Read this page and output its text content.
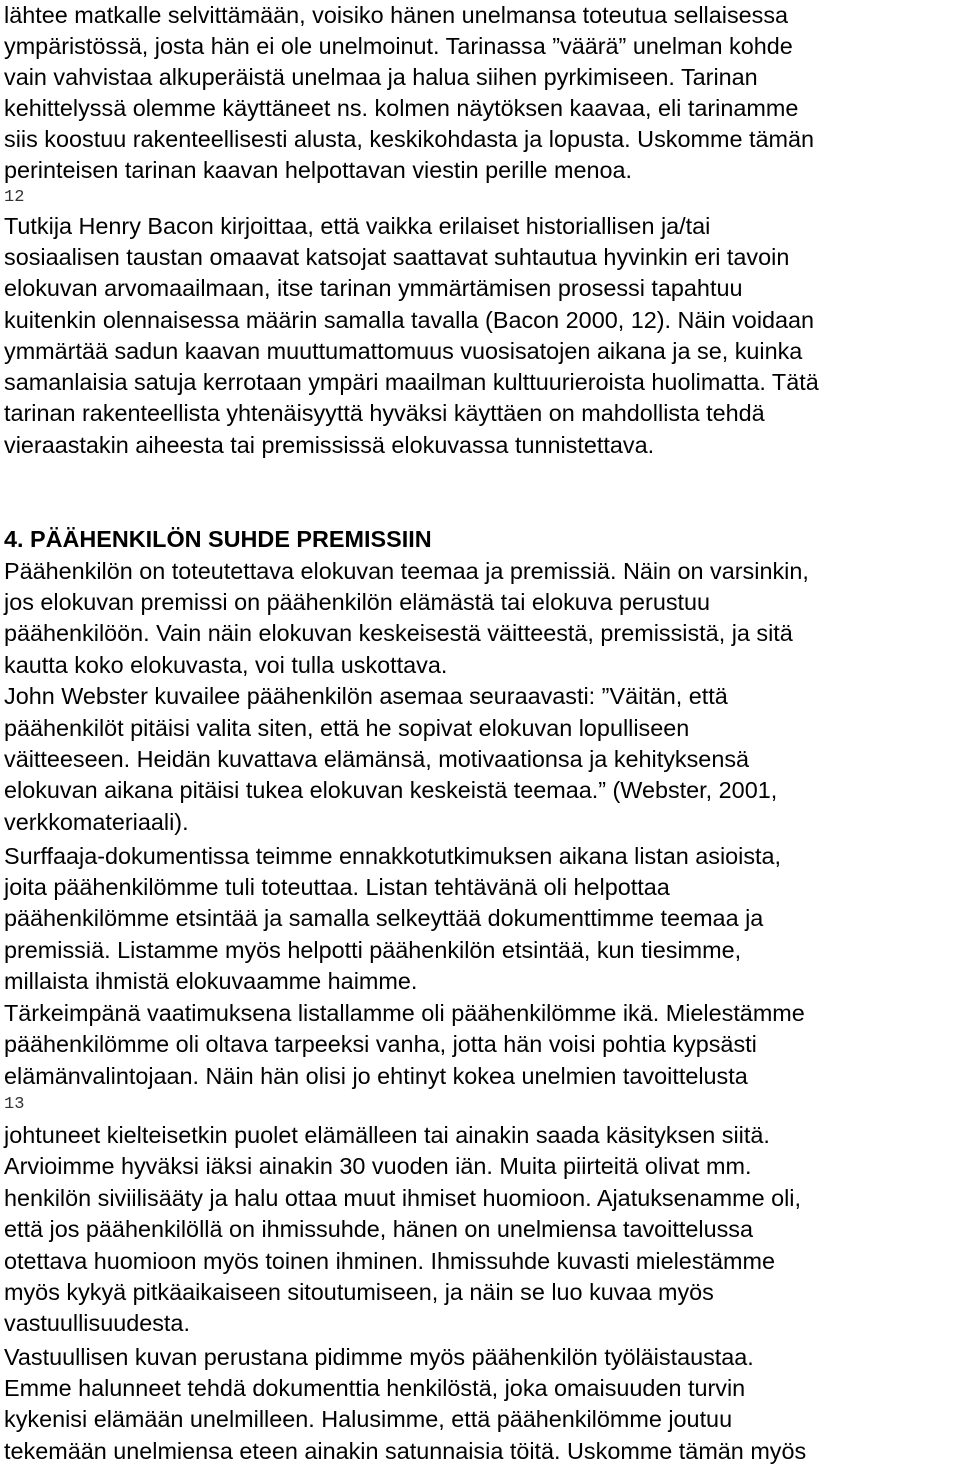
lähtee matkalle selvittämään, voisiko hänen unelmansa toteutua sellaisessa
ympäristössä, josta hän ei ole unelmoinut. Tarinassa ”väärä” unelman kohde
vain vahvistaa alkuperäistä unelmaa ja halua siihen pyrkimiseen. Tarinan
kehittelyssä olemme käyttäneet ns. kolmen näytöksen kaavaa, eli tarinamme
siis koostuu rakenteellisesti alusta, keskikohdasta ja lopusta. Uskomme tämän
perinteisen tarinan kaavan helpottavan viestin perille menoa.
12
Tutkija Henry Bacon kirjoittaa, että vaikka erilaiset historiallisen ja/tai
sosiaalisen taustan omaavat katsojat saattavat suhtautua hyvinkin eri tavoin
elokuvan arvomaailmaan, itse tarinan ymmärtämisen prosessi tapahtuu
kuitenkin olennaisessa määrin samalla tavalla (Bacon 2000, 12). Näin voidaan
ymmärtää sadun kaavan muuttumattomuus vuosisatojen aikana ja se, kuinka
samanlaisia satuja kerrotaan ympäri maailman kulttuurieroista huolimatta. Tätä
tarinan rakenteellista yhtenäisyyttä hyväksi käyttäen on mahdollista tehdä
vieraastakin aiheesta tai premississä elokuvassa tunnistettava.
4. PÄÄHENKILÖN SUHDE PREMISSIIN
Päähenkilön on toteutettava elokuvan teemaa ja premissiä. Näin on varsinkin,
jos elokuvan premissi on päähenkilön elämästä tai elokuva perustuu
päähenkilöön. Vain näin elokuvan keskeisestä väitteestä, premissistä, ja sitä
kautta koko elokuvasta, voi tulla uskottava.
John Webster kuvailee päähenkilön asemaa seuraavasti: ”Väitän, että
päähenkilöt pitäisi valita siten, että he sopivat elokuvan lopulliseen
väitteeseen. Heidän kuvattava elämänsä, motivaationsa ja kehityksensä
elokuvan aikana pitäisi tukea elokuvan keskeistä teemaa.” (Webster, 2001,
verkkomateriaali).
Surffaaja-dokumentissa teimme ennakkotutkimuksen aikana listan asioista,
joita päähenkilömme tuli toteuttaa. Listan tehtävänä oli helpottaa
päähenkilömme etsintää ja samalla selkeyttää dokumenttimme teemaa ja
premissiä. Listamme myös helpotti päähenkilön etsintää, kun tiesimme,
millaista ihmistä elokuvaamme haimme.
Tärkeimpänä vaatimuksena listallamme oli päähenkilömme ikä. Mielestämme
päähenkilömme oli oltava tarpeeksi vanha, jotta hän voisi pohtia kypsästi
elämänvalintojaan. Näin hän olisi jo ehtinyt kokea unelmien tavoittelusta
13
johtuneet kielteisetkin puolet elämälleen tai ainakin saada käsityksen siitä.
Arvioimme hyväksi iäksi ainakin 30 vuoden iän. Muita piirteitä olivat mm.
henkilön siviilisääty ja halu ottaa muut ihmiset huomioon. Ajatuksenamme oli,
että jos päähenkilöllä on ihmissuhde, hänen on unelmiensa tavoittelussa
otettava huomioon myös toinen ihminen. Ihmissuhde kuvasti mielestämme
myös kykyä pitkäaikaiseen sitoutumiseen, ja näin se luo kuvaa myös
vastuullisuudesta.
Vastuullisen kuvan perustana pidimme myös päähenkilön työläistaustaa.
Emme halunneet tehdä dokumenttia henkilöstä, joka omaisuuden turvin
kykenisi elämään unelmilleen. Halusimme, että päähenkilömme joutuu
tekemään unelmiensa eteen ainakin satunnaisia töitä. Uskomme tämän myös
